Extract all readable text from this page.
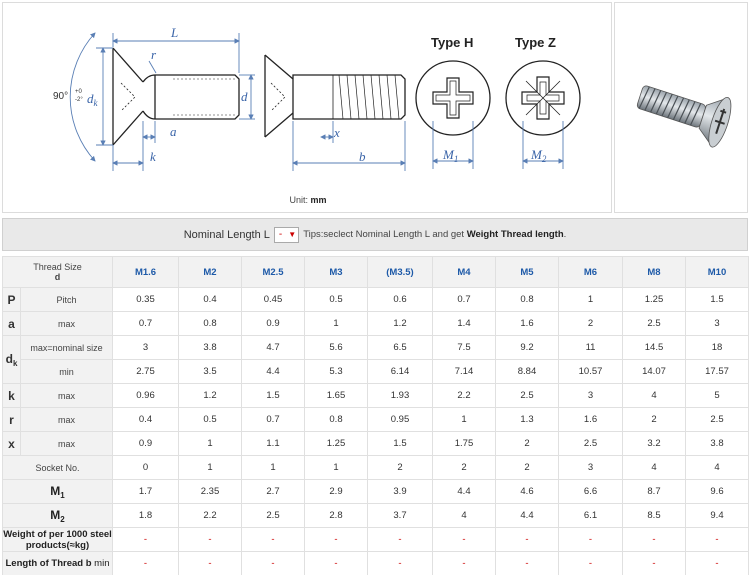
L
r
$d_k$	d
a
k
x
b	$M_1$	$M_2$
90° +0
-2°
Type H	Type Z
Unit: mm
Nominal Length L - ▼ Tips:seclect Nominal Length L and get Weight Thread length.
Thread Size
d		M1.6	M2	M2.5	M3	(M3.5)	M4	M5	M6	M8	M10
P	Pitch	0.35	0.4	0.45	0.5	0.6	0.7	0.8	1	1.25	1.5
a	max	0.7	0.8	0.9	1	1.2	1.4	1.6	2	2.5	3
$d_k$	max=nominal size	3	3.8	4.7	5.6	6.5	7.5	9.2	11	14.5	18
	min	2.75	3.5	4.4	5.3	6.14	7.14	8.84	10.57	14.07	17.57
k	max	0.96	1.2	1.5	1.65	1.93	2.2	2.5	3	4	5
r	max	0.4	0.5	0.7	0.8	0.95	1	1.3	1.6	2	2.5
x	max	0.9	1	1.1	1.25	1.5	1.75	2	2.5	3.2	3.8
Socket No.		0	1	1	1	2	2	2	3	4	4
$M_1$		1.7	2.35	2.7	2.9	3.9	4.4	4.6	6.6	8.7	9.6
$M_2$		1.8	2.2	2.5	2.8	3.7	4	4.4	6.1	8.5	9.4
Weight of per 1000 steel products(≈kg)		-	-	-	-	-	-	-	-	-	-
Length of Thread b min		-	-	-	-	-	-	-	-	-	-
